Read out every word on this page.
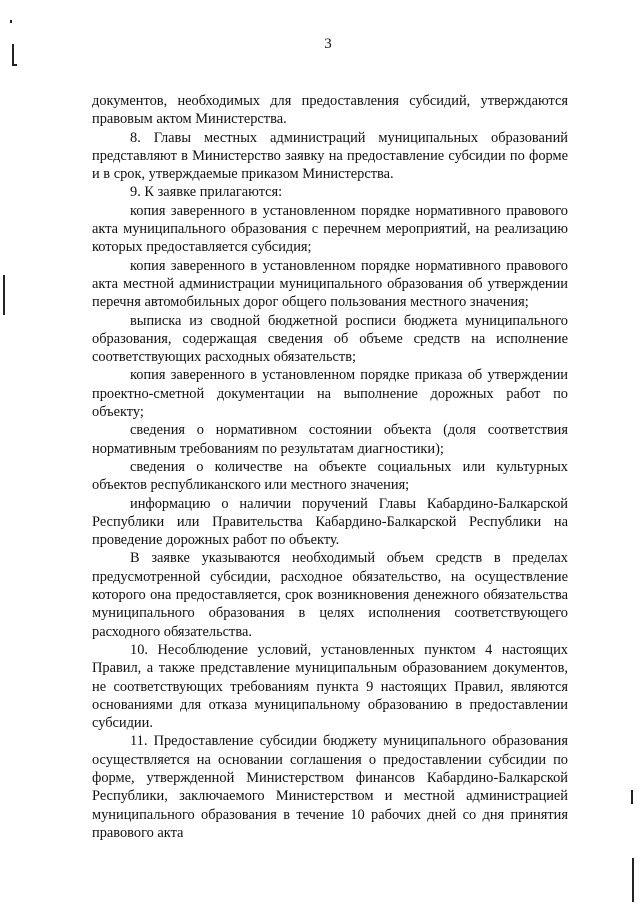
3

документов, необходимых для предоставления субсидий, утверждаются правовым актом Министерства.

8. Главы местных администраций муниципальных образований представляют в Министерство заявку на предоставление субсидии по форме и в срок, утверждаемые приказом Министерства.

9. К заявке прилагаются:

копия заверенного в установленном порядке нормативного правового акта муниципального образования с перечнем мероприятий, на реализацию которых предоставляется субсидия;

копия заверенного в установленном порядке нормативного правового акта местной администрации муниципального образования об утверждении перечня автомобильных дорог общего пользования местного значения;

выписка из сводной бюджетной росписи бюджета муниципального образования, содержащая сведения об объеме средств на исполнение соответствующих расходных обязательств;

копия заверенного в установленном порядке приказа об утверждении проектно-сметной документации на выполнение дорожных работ по объекту;

сведения о нормативном состоянии объекта (доля соответствия нормативным требованиям по результатам диагностики);

сведения о количестве на объекте социальных или культурных объектов республиканского или местного значения;

информацию о наличии поручений Главы Кабардино-Балкарской Республики или Правительства Кабардино-Балкарской Республики на проведение дорожных работ по объекту.

В заявке указываются необходимый объем средств в пределах предусмотренной субсидии, расходное обязательство, на осуществление которого она предоставляется, срок возникновения денежного обязательства муниципального образования в целях исполнения соответствующего расходного обязательства.

10. Несоблюдение условий, установленных пунктом 4 настоящих Правил, а также представление муниципальным образованием документов, не соответствующих требованиям пункта 9 настоящих Правил, являются основаниями для отказа муниципальному образованию в предоставлении субсидии.

11. Предоставление субсидии бюджету муниципального образования осуществляется на основании соглашения о предоставлении субсидии по форме, утвержденной Министерством финансов Кабардино-Балкарской Республики, заключаемого Министерством и местной администрацией муниципального образования в течение 10 рабочих дней со дня принятия правового акта
